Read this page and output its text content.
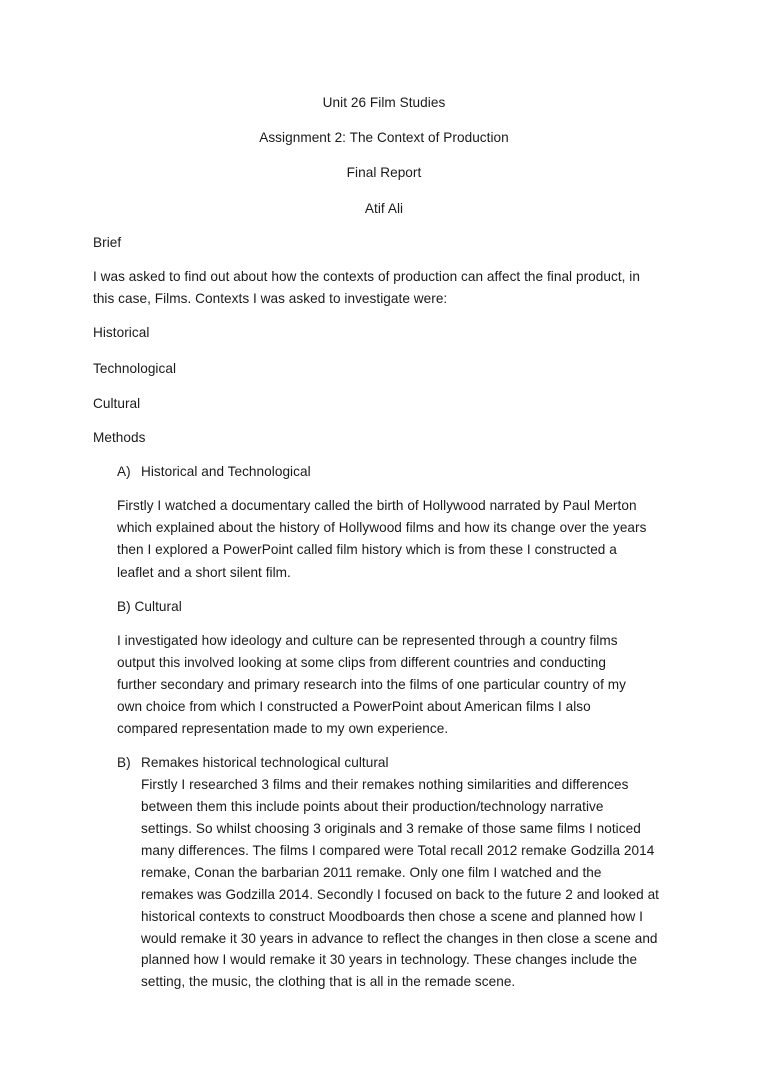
Unit 26 Film Studies
Assignment 2: The Context of Production
Final Report
Atif Ali
Brief
I was asked to find out about how the contexts of production can affect the final product, in
this case, Films. Contexts I was asked to investigate were:
Historical
Technological
Cultural
Methods
A) Historical and Technological
Firstly I watched a documentary called the birth of Hollywood narrated by Paul Merton
which explained about the history of Hollywood films and how its change over the years
then I explored a PowerPoint called film history which is from these I constructed a
leaflet and a short silent film.
B) Cultural
I investigated how ideology and culture can be represented through a country films
output this involved looking at some clips from different countries and conducting
further secondary and primary research into the films of one particular country of my
own choice from which I constructed a PowerPoint about American films I also
compared representation made to my own experience.
B) Remakes historical technological cultural
Firstly I researched 3 films and their remakes nothing similarities and differences
between them this include points about their production/technology narrative
settings. So whilst choosing 3 originals and 3 remake of those same films I noticed
many differences. The films I compared were Total recall 2012 remake Godzilla 2014
remake, Conan the barbarian 2011 remake. Only one film I watched and the
remakes was Godzilla 2014. Secondly I focused on back to the future 2 and looked at
historical contexts to construct Moodboards then chose a scene and planned how I
would remake it 30 years in advance to reflect the changes in then close a scene and
planned how I would remake it 30 years in technology. These changes include the
setting, the music, the clothing that is all in the remade scene.
